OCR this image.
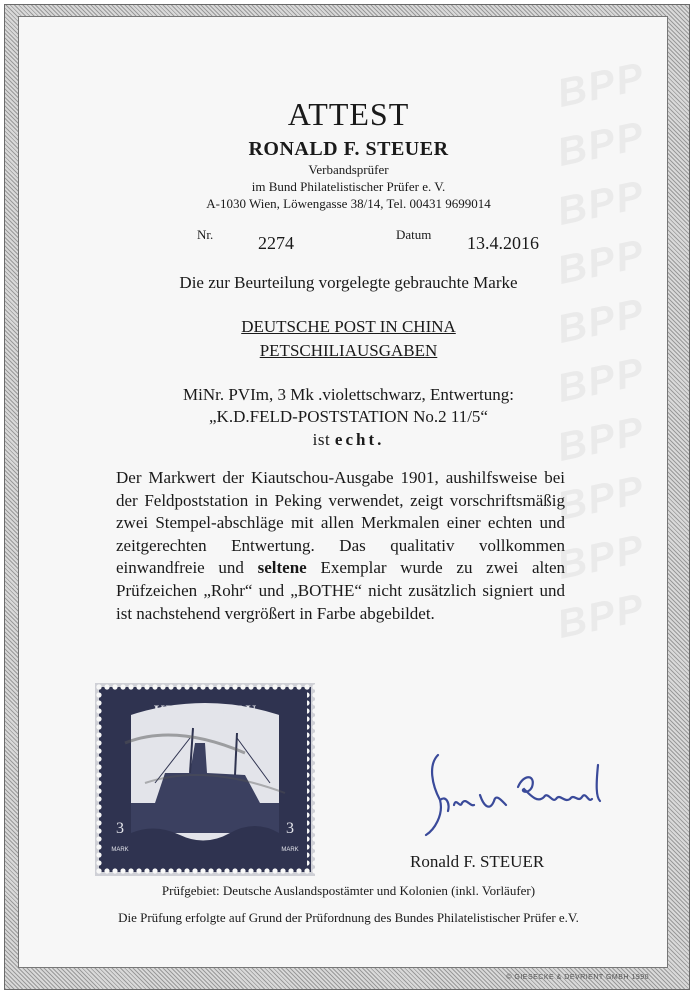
BPP
BPP
BPP
BPP
BPP
BPP
BPP
BPP
BPP
BPP
ATTEST
RONALD F. STEUER
Verbandsprüfer
im Bund Philatelistischer Prüfer e. V.
A-1030 Wien, Löwengasse 38/14, Tel. 00431 9699014
Nr. 2274	Datum 13.4.2016
Die zur Beurteilung vorgelegte gebrauchte Marke
DEUTSCHE POST IN CHINA
PETSCHILIAUSGABEN
MiNr. PVIm, 3 Mk .violettschwarz, Entwertung:
„K.D.FELD-POSTSTATION No.2 11/5“
ist echt.
Der Markwert der Kiautschou-Ausgabe 1901, aushilfsweise bei der Feldpoststation in Peking verwendet, zeigt vorschriftsmäßig zwei Stempel-abschläge mit allen Merkmalen einer echten und zeitgerechten Entwertung. Das qualitativ vollkommen einwandfreie und seltene Exemplar wurde zu zwei alten Prüfzeichen „Rohr“ und „BOTHE“ nicht zusätzlich signiert und ist nachstehend vergrößert in Farbe abgebildet.
KIAUTSCHOU
3	3
MARK	MARK
Ronald F. STEUER
Prüfgebiet: Deutsche Auslandspostämter und Kolonien (inkl. Vorläufer)
Die Prüfung erfolgte auf Grund der Prüfordnung des Bundes Philatelistischer Prüfer e.V.
© GIESECKE & DEVRIENT GMBH 1990
